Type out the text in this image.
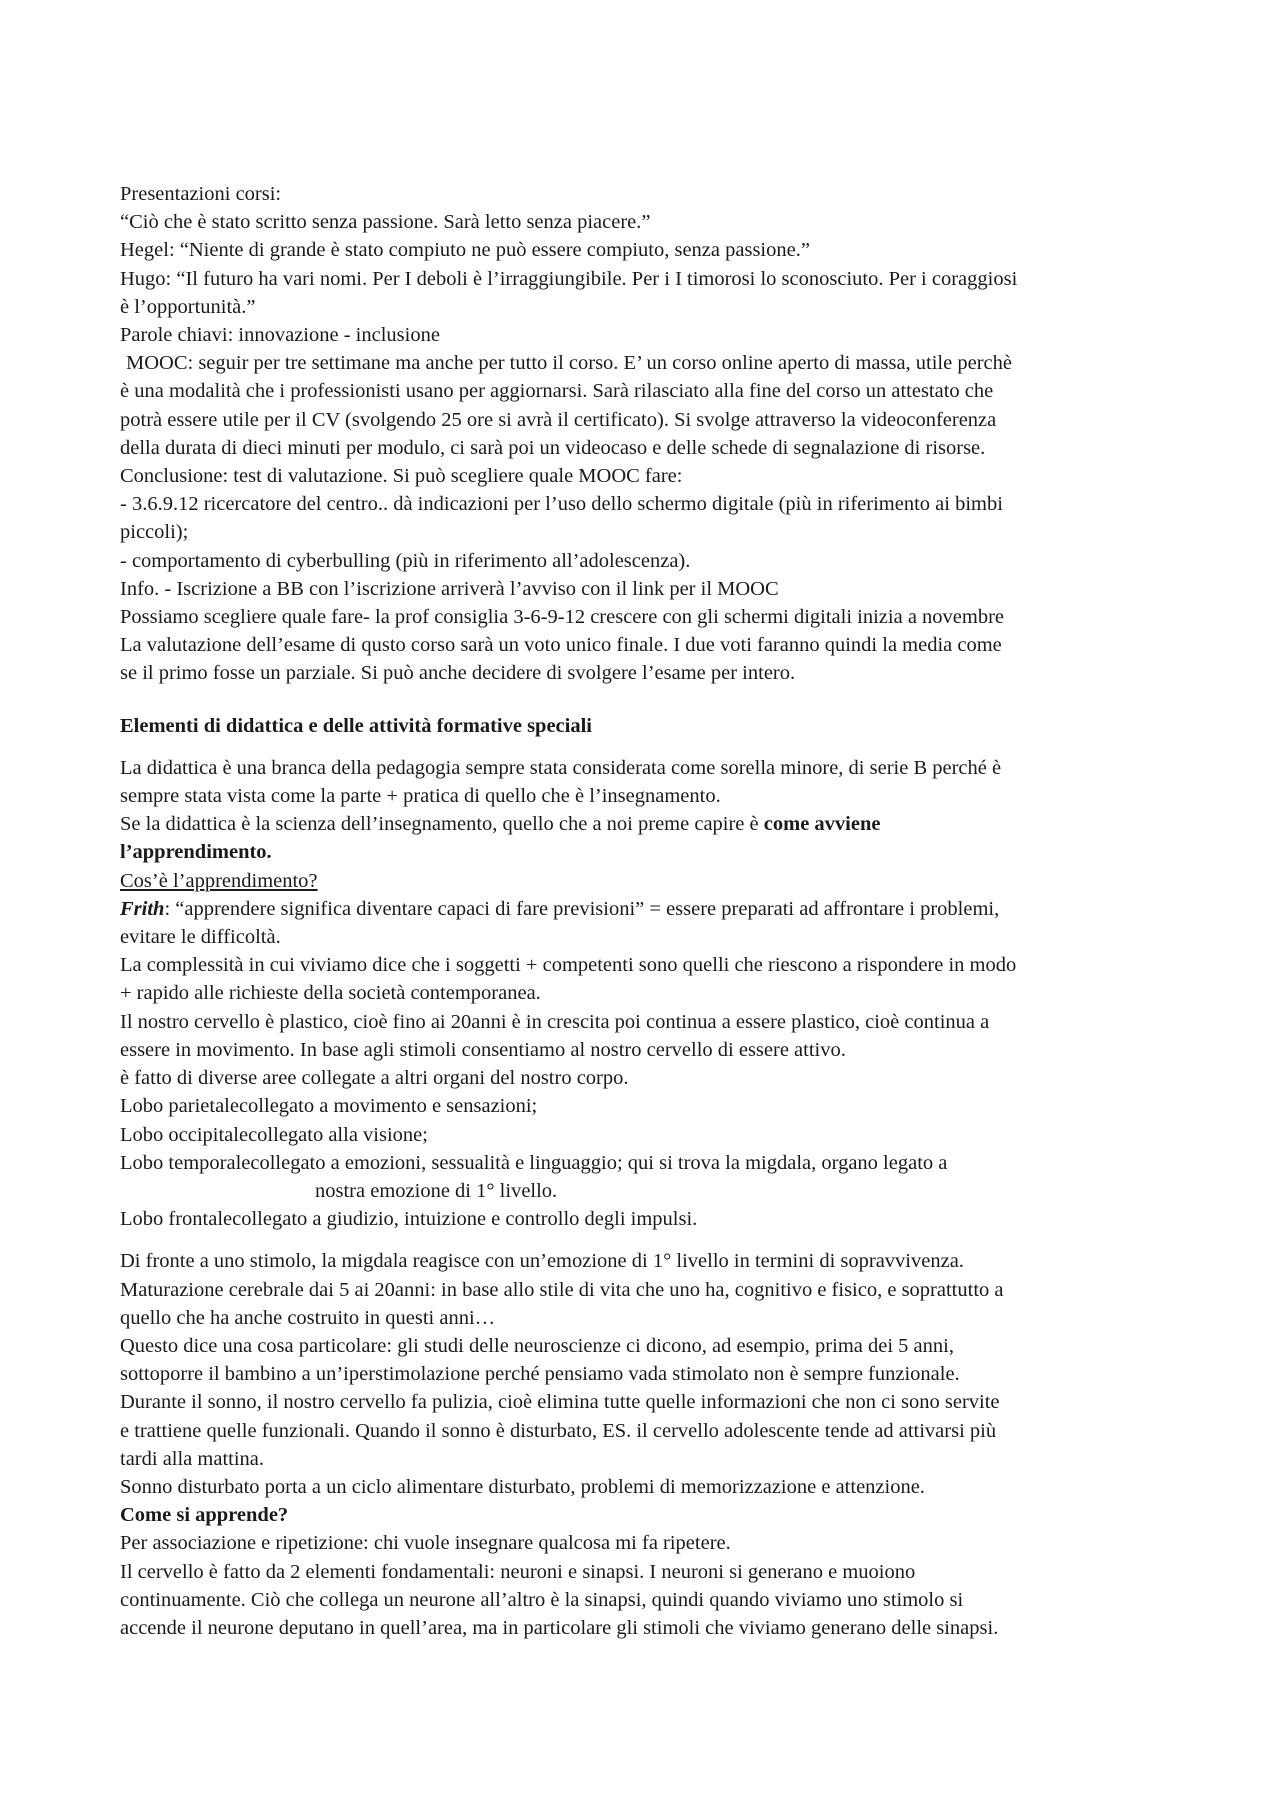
Presentazioni corsi:

“Ciò che è stato scritto senza passione. Sarà letto senza piacere.”

Hegel: “Niente di grande è stato compiuto ne può essere compiuto, senza passione.”

Hugo: “Il futuro ha vari nomi. Per I deboli è l’irraggiungibile. Per i I timorosi lo sconosciuto. Per i coraggiosi

è l’opportunità.”

Parole chiavi: innovazione - inclusione

MOOC: seguir per tre settimane ma anche per tutto il corso. E’ un corso online aperto di massa, utile perchè

è una modalità che i professionisti usano per aggiornarsi. Sarà rilasciato alla fine del corso un attestato che

potrà essere utile per il CV (svolgendo 25 ore si avrà il certificato). Si svolge attraverso la videoconferenza

della durata di dieci minuti per modulo, ci sarà poi un videocaso e delle schede di segnalazione di risorse.

Conclusione: test di valutazione. Si può scegliere quale MOOC fare:

- 3.6.9.12 ricercatore del centro.. dà indicazioni per l’uso dello schermo digitale (più in riferimento ai bimbi

piccoli);

- comportamento di cyberbulling (più in riferimento all’adolescenza).

Info. - Iscrizione a BB con l’iscrizione arriverà l’avviso con il link per il MOOC

Possiamo scegliere quale fare- la prof consiglia 3-6-9-12 crescere con gli schermi digitali inizia a novembre

La valutazione dell’esame di qusto corso sarà un voto unico finale. I due voti faranno quindi la media come

se il primo fosse un parziale. Si può anche decidere di svolgere l’esame per intero.

Elementi di didattica e delle attività formative speciali

La didattica è una branca della pedagogia sempre stata considerata come sorella minore, di serie B perché è

sempre stata vista come la parte + pratica di quello che è l’insegnamento.

Se la didattica è la scienza dell’insegnamento, quello che a noi preme capire è come avviene

l’apprendimento.

Cos’è l’apprendimento?

Frith: “apprendere significa diventare capaci di fare previsioni” = essere preparati ad affrontare i problemi,

evitare le difficoltà.

La complessità in cui viviamo dice che i soggetti + competenti sono quelli che riescono a rispondere in modo

+ rapido alle richieste della società contemporanea.

Il nostro cervello è plastico, cioè fino ai 20anni è in crescita poi continua a essere plastico, cioè continua a

essere in movimento. In base agli stimoli consentiamo al nostro cervello di essere attivo.

è fatto di diverse aree collegate a altri organi del nostro corpo.

Lobo parietalecollegato a movimento e sensazioni;

Lobo occipitalecollegato alla visione;

Lobo temporalecollegato a emozioni, sessualità e linguaggio; qui si trova la migdala, organo legato a

nostra emozione di 1° livello.

Lobo frontalecollegato a giudizio, intuizione e controllo degli impulsi.

Di fronte a uno stimolo, la migdala reagisce con un’emozione di 1° livello in termini di sopravvivenza.

Maturazione cerebrale dai 5 ai 20anni: in base allo stile di vita che uno ha, cognitivo e fisico, e soprattutto a

quello che ha anche costruito in questi anni…

Questo dice una cosa particolare: gli studi delle neuroscienze ci dicono, ad esempio, prima dei 5 anni,

sottoporre il bambino a un’iperstimolazione perché pensiamo vada stimolato non è sempre funzionale.

Durante il sonno, il nostro cervello fa pulizia, cioè elimina tutte quelle informazioni che non ci sono servite

e trattiene quelle funzionali. Quando il sonno è disturbato, ES. il cervello adolescente tende ad attivarsi più

tardi alla mattina.

Sonno disturbato porta a un ciclo alimentare disturbato, problemi di memorizzazione e attenzione.

Come si apprende?

Per associazione e ripetizione: chi vuole insegnare qualcosa mi fa ripetere.

Il cervello è fatto da 2 elementi fondamentali: neuroni e sinapsi. I neuroni si generano e muoiono

continuamente. Ciò che collega un neurone all’altro è la sinapsi, quindi quando viviamo uno stimolo si

accende il neurone deputano in quell’area, ma in particolare gli stimoli che viviamo generano delle sinapsi.
